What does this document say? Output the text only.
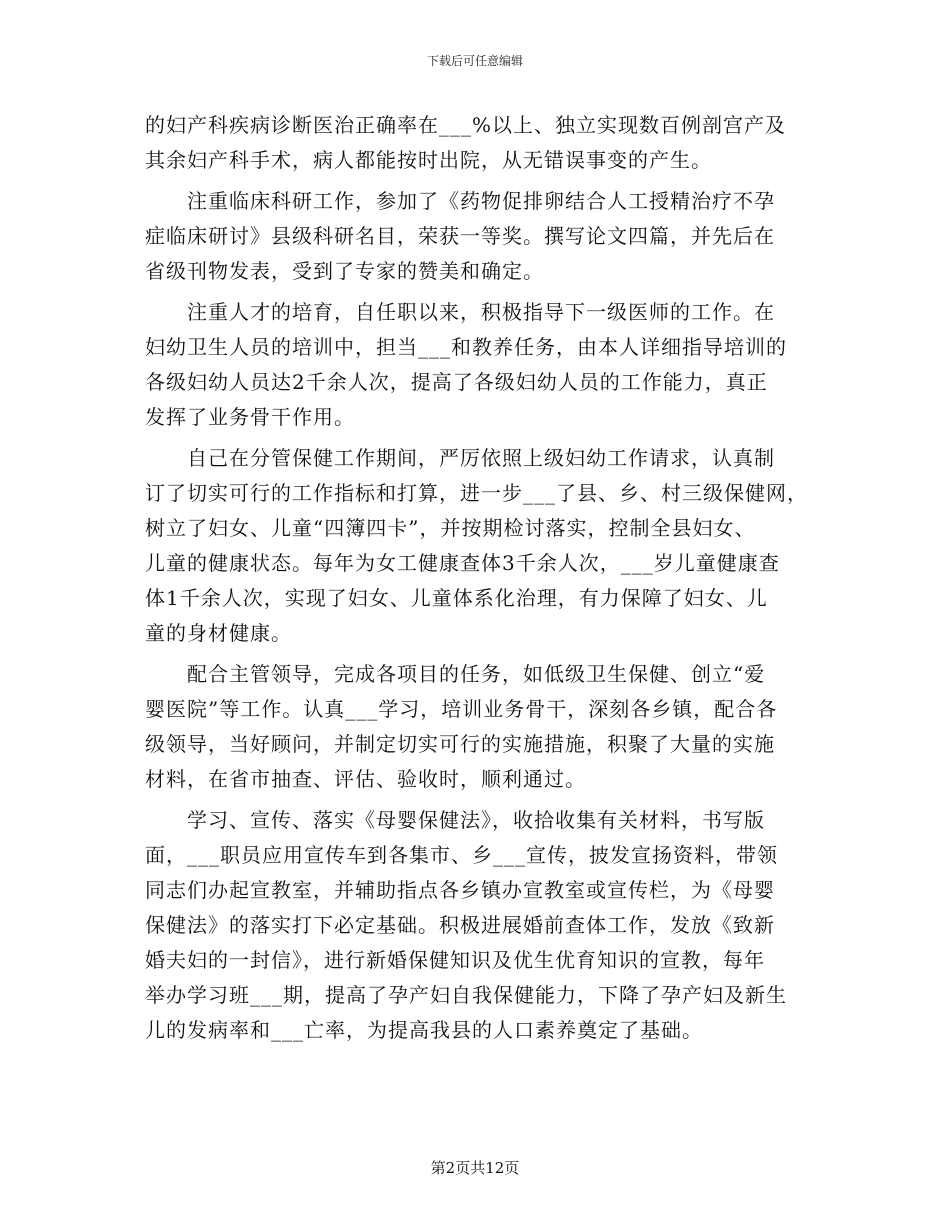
下载后可任意编辑
的妇产科疾病诊断医治正确率在___%以上、独立实现数百例剖宫产及
其余妇产科手术，病人都能按时出院，从无错误事变的产生。
　　注重临床科研工作，参加了《药物促排卵结合人工授精治疗不孕
症临床研讨》县级科研名目，荣获一等奖。撰写论文四篇，并先后在
省级刊物发表，受到了专家的赞美和确定。
　　注重人才的培育，自任职以来，积极指导下一级医师的工作。在
妇幼卫生人员的培训中，担当___和教养任务，由本人详细指导培训的
各级妇幼人员达2千余人次，提高了各级妇幼人员的工作能力，真正
发挥了业务骨干作用。
　　自己在分管保健工作期间，严厉依照上级妇幼工作请求，认真制
订了切实可行的工作指标和打算，进一步___了县、乡、村三级保健网，
树立了妇女、儿童“四簿四卡”，并按期检讨落实，控制全县妇女、
儿童的健康状态。每年为女工健康查体3千余人次，___岁儿童健康查
体1千余人次，实现了妇女、儿童体系化治理，有力保障了妇女、儿
童的身材健康。
　　配合主管领导，完成各项目的任务，如低级卫生保健、创立“爱
婴医院”等工作。认真___学习，培训业务骨干，深刻各乡镇，配合各
级领导，当好顾问，并制定切实可行的实施措施，积聚了大量的实施
材料，在省市抽查、评估、验收时，顺利通过。
　　学习、宣传、落实《母婴保健法》，收拾收集有关材料，书写版
面，___职员应用宣传车到各集市、乡___宣传，披发宣扬资料，带领
同志们办起宣教室，并辅助指点各乡镇办宣教室或宣传栏，为《母婴
保健法》的落实打下必定基础。积极进展婚前查体工作，发放《致新
婚夫妇的一封信》，进行新婚保健知识及优生优育知识的宣教，每年
举办学习班___期，提高了孕产妇自我保健能力，下降了孕产妇及新生
儿的发病率和___亡率，为提高我县的人口素养奠定了基础。
第2页共12页
